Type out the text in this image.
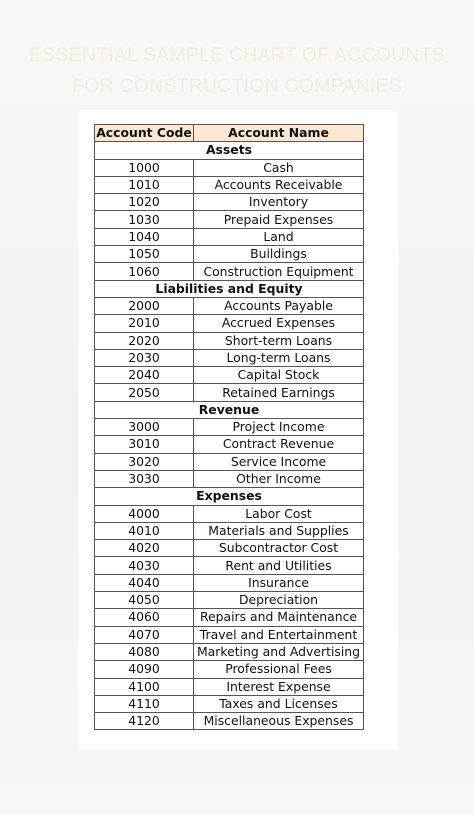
ESSENTIAL SAMPLE CHART OF ACCOUNTS
FOR CONSTRUCTION COMPANIES
Account Code	Account Name
Assets	
1000	Cash
1010	Accounts Receivable
1020	Inventory
1030	Prepaid Expenses
1040	Land
1050	Buildings
1060	Construction Equipment
Liabilities and Equity	
2000	Accounts Payable
2010	Accrued Expenses
2020	Short-term Loans
2030	Long-term Loans
2040	Capital Stock
2050	Retained Earnings
Revenue	
3000	Project Income
3010	Contract Revenue
3020	Service Income
3030	Other Income
Expenses	
4000	Labor Cost
4010	Materials and Supplies
4020	Subcontractor Cost
4030	Rent and Utilities
4040	Insurance
4050	Depreciation
4060	Repairs and Maintenance
4070	Travel and Entertainment
4080	Marketing and Advertising
4090	Professional Fees
4100	Interest Expense
4110	Taxes and Licenses
4120	Miscellaneous Expenses
